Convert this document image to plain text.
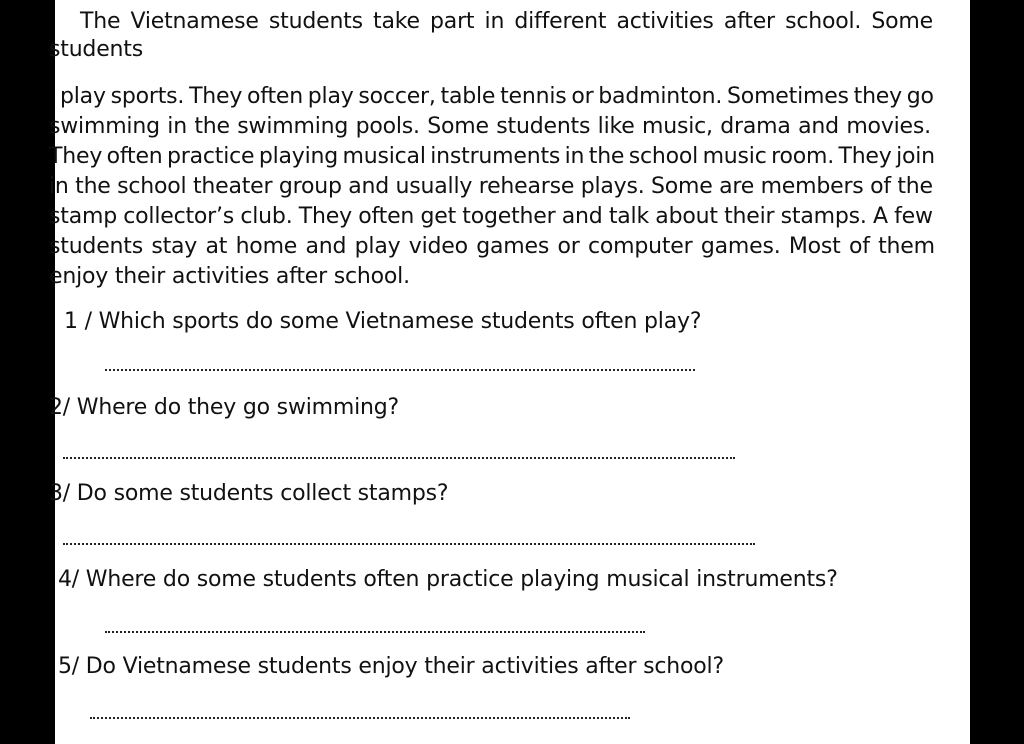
The Vietnamese students take part in different activities after school. Some
students
play sports. They often play soccer, table tennis or badminton. Sometimes they go
swimming in the swimming pools. Some students like music, drama and movies.
They often practice playing musical instruments in the school music room. They join
in the school theater group and usually rehearse plays. Some are members of the
stamp collector’s club. They often get together and talk about their stamps. A few
students stay at home and play video games or computer games. Most of them
enjoy their activities after school.
1 / Which sports do some Vietnamese students often play?
2/ Where do they go swimming?
3/ Do some students collect stamps?
4/ Where do some students often practice playing musical instruments?
5/ Do Vietnamese students enjoy their activities after school?
